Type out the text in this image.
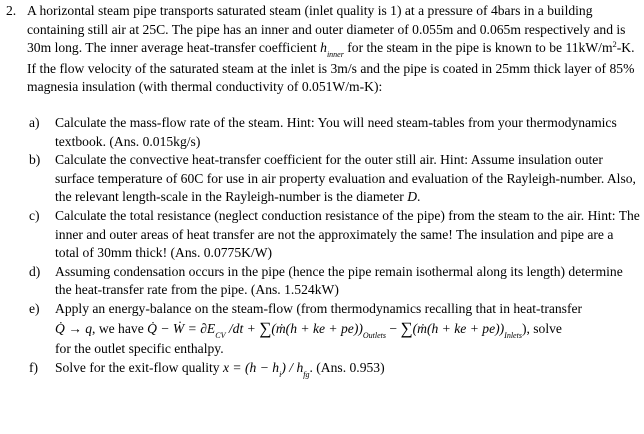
2. A horizontal steam pipe transports saturated steam (inlet quality is 1) at a pressure of 4bars in a building containing still air at 25C. The pipe has an inner and outer diameter of 0.055m and 0.065m respectively and is 30m long. The inner average heat-transfer coefficient $h_{inner}$ for the steam in the pipe is known to be $11kW/m^2-K$. If the flow velocity of the saturated steam at the inlet is 3m/s and the pipe is coated in 25mm thick layer of 85% magnesia insulation (with thermal conductivity of 0.051W/m-K):

a) Calculate the mass-flow rate of the steam. Hint: You will need steam-tables from your thermodynamics textbook. (Ans. 0.015kg/s)
b) Calculate the convective heat-transfer coefficient for the outer still air. Hint: Assume insulation outer surface temperature of 60C for use in air property evaluation and evaluation of the Rayleigh-number. Also, the relevant length-scale in the Rayleigh-number is the diameter D.
c) Calculate the total resistance (neglect conduction resistance of the pipe) from the steam to the air. Hint: The inner and outer areas of heat transfer are not the approximately the same! The insulation and pipe are a total of 30mm thick! (Ans. 0.0775K/W)
d) Assuming condensation occurs in the pipe (hence the pipe remain isothermal along its length) determine the heat-transfer rate from the pipe. (Ans. 1.524kW)
e) Apply an energy-balance on the steam-flow (from thermodynamics recalling that in heat-transfer
Q̇ → q, we have Q̇ − Ẇ = $\partial E_{CV}$ /dt + ∑(ṁ(h + ke + $pe))_{Outlets}$ − ∑(ṁ(h + ke + $pe))_{Inlets}$), solve
for the outlet specific enthalpy.
f) Solve for the exit-flow quality $x = (h - h_i) / h_{fg}$. (Ans. 0.953)
